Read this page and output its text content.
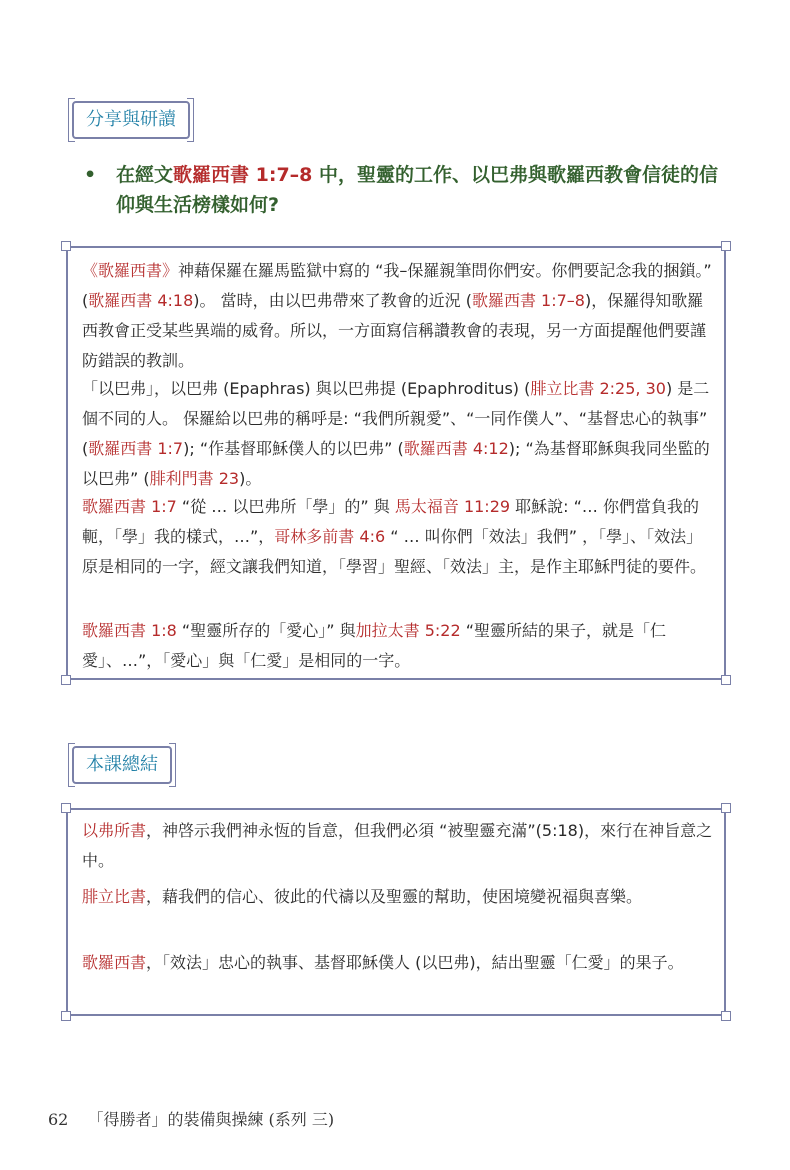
分享與研讀
• 在經文歌羅西書 1:7–8 中，聖靈的工作、以巴弗與歌羅西教會信徒的信仰與生活榜樣如何?
《歌羅西書》神藉保羅在羅馬監獄中寫的 “我–保羅親筆問你們安。你們要記念我的捆鎖。” (歌羅西書 4:18)。 當時，由以巴弗帶來了教會的近況 (歌羅西書 1:7–8)，保羅得知歌羅西教會正受某些異端的威脅。所以，一方面寫信稱讚教會的表現，另一方面提醒他們要謹防錯誤的教訓。
「以巴弗」，以巴弗 (Epaphras) 與以巴弗提 (Epaphroditus) (腓立比書 2:25, 30) 是二個不同的人。 保羅給以巴弗的稱呼是: “我們所親愛”、“一同作僕人”、“基督忠心的執事” (歌羅西書 1:7); “作基督耶穌僕人的以巴弗” (歌羅西書 4:12); “為基督耶穌與我同坐監的以巴弗” (腓利門書 23)。
歌羅西書 1:7 “從 … 以巴弗所「學」的” 與 馬太福音 11:29 耶穌說: “… 你們當負我的軛，「學」我的樣式，…”，哥林多前書 4:6 “ … 叫你們「效法」我們” ，「學」、「效法」原是相同的一字，經文讓我們知道，「學習」聖經、「效法」主，是作主耶穌門徒的要件。
歌羅西書 1:8 “聖靈所存的「愛心」” 與加拉太書 5:22 “聖靈所結的果子，就是「仁愛」、…”，「愛心」與「仁愛」是相同的一字。
本課總結
以弗所書，神啓示我們神永恆的旨意，但我們必須 “被聖靈充滿”(5:18)，來行在神旨意之中。
腓立比書，藉我們的信心、彼此的代禱以及聖靈的幫助，使困境變祝福與喜樂。
歌羅西書，「效法」忠心的執事、基督耶穌僕人 (以巴弗)，結出聖靈「仁愛」的果子。
62 「得勝者」的裝備與操練 (系列 三)
